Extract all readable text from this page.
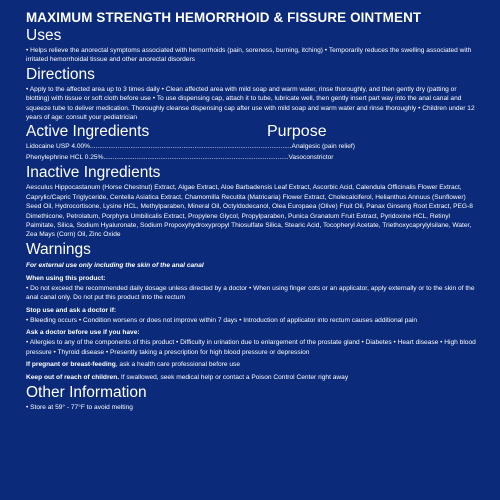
MAXIMUM STRENGTH HEMORRHOID & FISSURE OINTMENT
Uses

• Helps relieve the anorectal symptoms associated with hemorrhoids (pain, soreness, burning, itching) • Temporarily reduces the swelling associated with irritated hemorrhoidal tissue and other anorectal disorders

Directions

• Apply to the affected area up to 3 times daily • Clean affected area with mild soap and warm water, rinse thoroughly, and then gently dry (patting or blotting) with tissue or soft cloth before use • To use dispensing cap, attach it to tube, lubricate well, then gently insert part way into the anal canal and squeeze tube to deliver medication. Thoroughly cleanse dispensing cap after use with mild soap and warm water and rinse thoroughly • Children under 12 years of age: consult your pediatrician

Active Ingredients	Purpose
Lidocaine USP 4.00% .............................................................................................................. Analgesic (pain relief)
Phenylephrine HCL 0.25% ..................................................................................................... Vasoconstrictor
Inactive Ingredients

Aesculus Hippocastanum (Horse Chestnut) Extract, Algae Extract, Aloe Barbadensis Leaf Extract, Ascorbic Acid, Calendula Officinalis Flower Extract, Caprylic/Capric Triglyceride, Centella Asiatica Extract, Chamomilla Recutita (Matricaria) Flower Extract, Cholecalciferol, Helianthus Annuus (Sunflower) Seed Oil, Hydrocortisone, Lysine HCL, Methylparaben, Mineral Oil, Octyldodecanol, Olea Europaea (Olive) Fruit Oil, Panax Ginseng Root Extract, PEG-8 Dimethicone, Petrolatum, Porphyra Umbilicalis Extract, Propylene Glycol, Propylparaben, Punica Granatum Fruit Extract, Pyridoxine HCL, Retinyl Palmitate, Silica, Sodium Hyaluronate, Sodium Propoxyhydroxypropyl Thiosulfate Silica, Stearic Acid, Tocopheryl Acetate, Triethoxycaprylylsilane, Water, Zea Mays (Corn) Oil, Zinc Oxide

Warnings

For external use only including the skin of the anal canal

When using this product:

• Do not exceed the recommended daily dosage unless directed by a doctor • When using finger cots or an applicator, apply externally or to the skin of the anal canal only. Do not put this product into the rectum

Stop use and ask a doctor if:

• Bleeding occurs • Condition worsens or does not improve within 7 days • Introduction of applicator into rectum causes additional pain

Ask a doctor before use if you have:

• Allergies to any of the components of this product • Difficulty in urination due to enlargement of the prostate gland • Diabetes • Heart disease • High blood pressure • Thyroid disease • Presently taking a prescription for high blood pressure or depression

If pregnant or breast-feeding, ask a health care professional before use

Keep out of reach of children. If swallowed, seek medical help or contact a Poison Control Center right away

Other Information

• Store at 59° - 77°F to avoid melting
